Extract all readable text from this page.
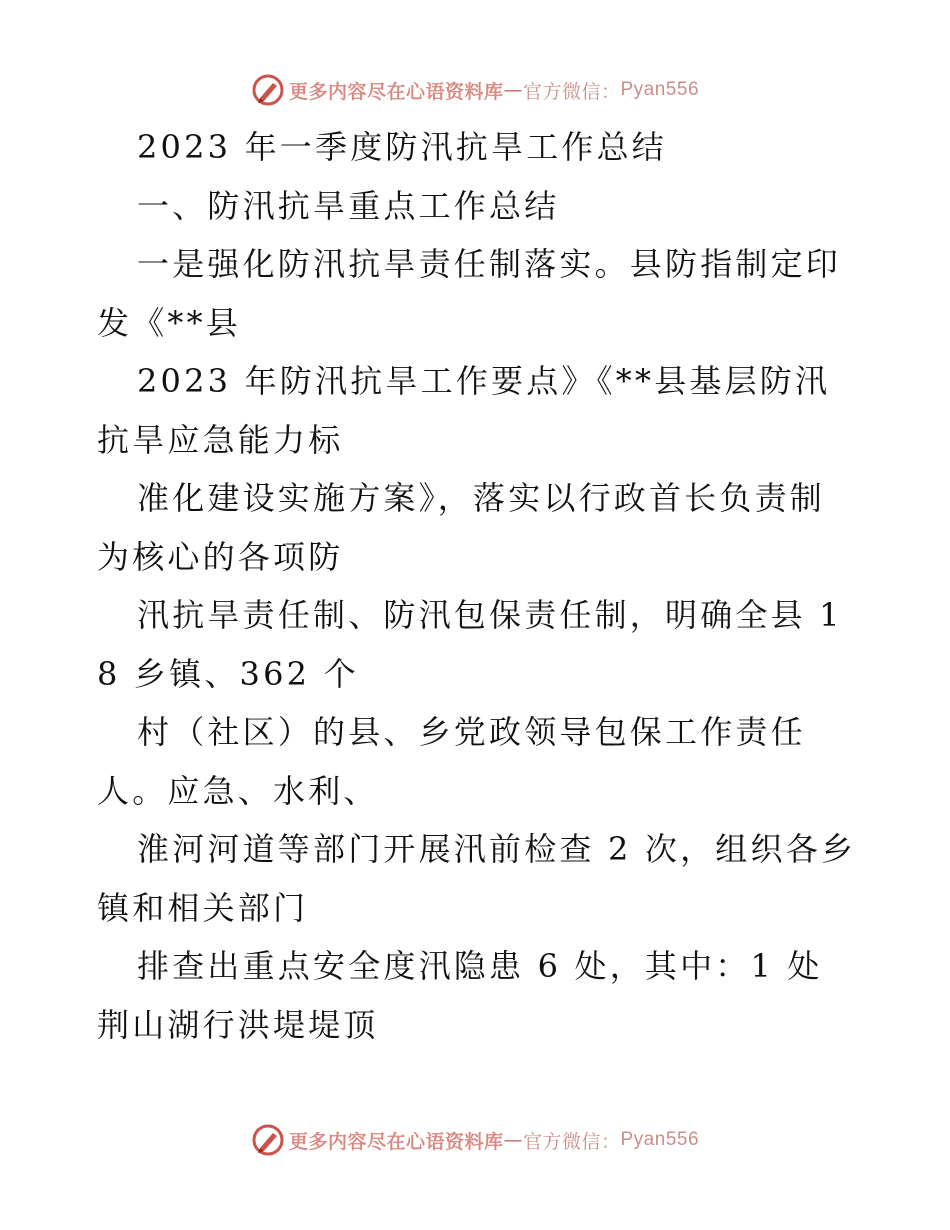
更多内容尽在心语资料库 — 官方微信： Pyan556

2023 年一季度防汛抗旱工作总结

一、防汛抗旱重点工作总结

一是强化防汛抗旱责任制落实。县防指制定印发《**县

2023 年防汛抗旱工作要点》《**县基层防汛抗旱应急能力标

准化建设实施方案》，落实以行政首长负责制为核心的各项防

汛抗旱责任制、防汛包保责任制，明确全县 18 乡镇、362 个

村（社区）的县、乡党政领导包保工作责任人。应急、水利、

淮河河道等部门开展汛前检查 2 次，组织各乡镇和相关部门

排查出重点安全度汛隐患 6 处，其中：1 处荆山湖行洪堤堤顶

更多内容尽在心语资料库 — 官方微信： Pyan556
